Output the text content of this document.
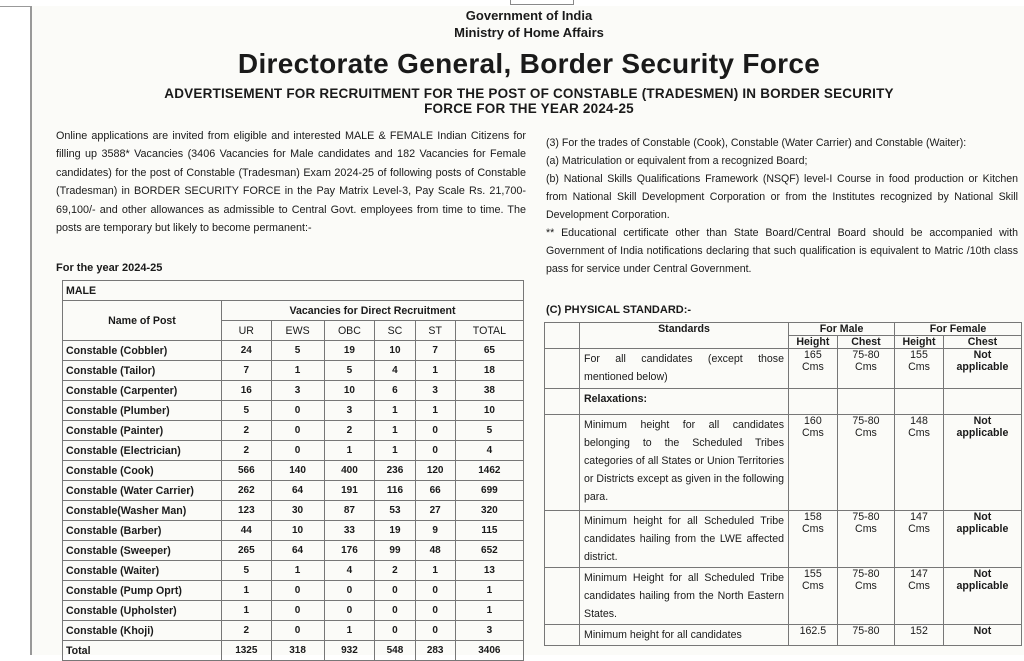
Government of India
Ministry of Home Affairs
Directorate General, Border Security Force
ADVERTISEMENT FOR RECRUITMENT FOR THE POST OF CONSTABLE (TRADESMEN) IN BORDER SECURITY
FORCE FOR THE YEAR 2024-25
Online applications are invited from eligible and interested MALE & FEMALE Indian Citizens for filling up 3588* Vacancies (3406 Vacancies for Male candidates and 182 Vacancies for Female candidates) for the post of Constable (Tradesman) Exam 2024-25 of following posts of Constable (Tradesman) in BORDER SECURITY FORCE in the Pay Matrix Level-3, Pay Scale Rs. 21,700-69,100/- and other allowances as admissible to Central Govt. employees from time to time. The posts are temporary but likely to become permanent:-
For the year 2024-25
MALE						
Name of Post	Vacancies for Direct Recruitment					
	UR	EWS	OBC	SC	ST	TOTAL
Constable (Cobbler)	24	5	19	10	7	65
Constable (Tailor)	7	1	5	4	1	18
Constable (Carpenter)	16	3	10	6	3	38
Constable (Plumber)	5	0	3	1	1	10
Constable (Painter)	2	0	2	1	0	5
Constable (Electrician)	2	0	1	1	0	4
Constable (Cook)	566	140	400	236	120	1462
Constable (Water Carrier)	262	64	191	116	66	699
Constable(Washer Man)	123	30	87	53	27	320
Constable (Barber)	44	10	33	19	9	115
Constable (Sweeper)	265	64	176	99	48	652
Constable (Waiter)	5	1	4	2	1	13
Constable (Pump Oprt)	1	0	0	0	0	1
Constable (Upholster)	1	0	0	0	0	1
Constable (Khoji)	2	0	1	0	0	3
Total	1325	318	932	548	283	3406
(3) For the trades of Constable (Cook), Constable (Water Carrier) and Constable (Waiter):
(a) Matriculation or equivalent from a recognized Board;
(b) National Skills Qualifications Framework (NSQF) level-I Course in food production or Kitchen from National Skill Development Corporation or from the Institutes recognized by National Skill Development Corporation.
** Educational certificate other than State Board/Central Board should be accompanied with Government of India notifications declaring that such qualification is equivalent to Matric /10th class pass for service under Central Government.
(C) PHYSICAL STANDARD:-
	Standards	For Male		For Female	
		Height	Chest	Height	Chest
	For all candidates (except those mentioned below)	165 Cms	75-80 Cms	155 Cms	Not applicable
	Relaxations:				
	Minimum height for all candidates belonging to the Scheduled Tribes categories of all States or Union Territories or Districts except as given in the following para.	160 Cms	75-80 Cms	148 Cms	Not applicable
	Minimum height for all Scheduled Tribe candidates hailing from the LWE affected district.	158 Cms	75-80 Cms	147 Cms	Not applicable
	Minimum Height for all Scheduled Tribe candidates hailing from the North Eastern States.	155 Cms	75-80 Cms	147 Cms	Not applicable
	Minimum height for all candidates	162.5	75-80	152	Not
